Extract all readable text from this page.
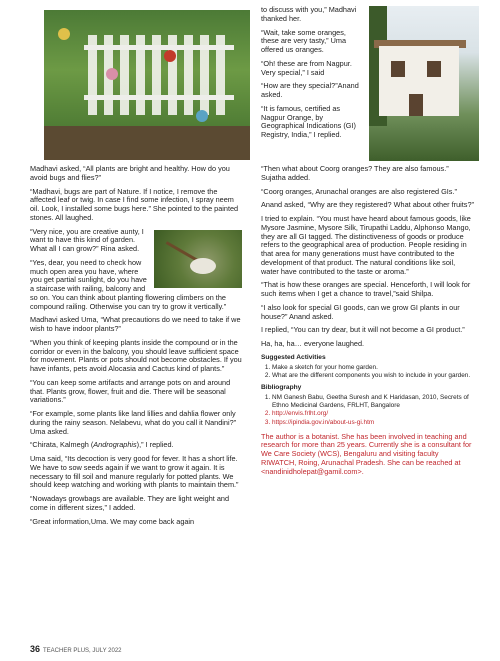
Madhavi asked, “All plants are bright and healthy. How do you avoid bugs and flies?”

“Madhavi, bugs are part of Nature. If I notice, I remove the affected leaf or twig. In case I find some infection, I spray neem oil. Look, I installed some bugs here.” She pointed to the painted stones. All laughed.

“Very nice, you are creative aunty, I want to have this kind of garden. What all I can grow?” Rina asked.

“Yes, dear, you need to check how much open area you have, where you get partial sunlight, do you have a staircase with railing, balcony and so on. You can think about planting flowering climbers on the compound railing. Otherwise you can try to grow it vertically.”

Madhavi asked Uma, “What precautions do we need to take if we wish to have indoor plants?”

“When you think of keeping plants inside the compound or in the corridor or even in the balcony, you should leave sufficient space for movement. Plants or pots should not become obstacles. If you have infants, pets avoid Alocasia and Cactus kind of plants.”

“You can keep some artifacts and arrange pots on and around that. Plants grow, flower, fruit and die. There will be seasonal variations.”

“For example, some plants like land lillies and dahlia flower only during the rainy season. Nelabevu, what do you call it Nandini?” Uma asked.

“Chirata, Kalmegh (Andrographis),” I replied.

Uma said, “Its decoction is very good for fever. It has a short life. We have to sow seeds again if we want to grow it again. It is necessary to fill soil and manure regularly for potted plants. We should keep watching and working with plants to maintain them.”

“Nowadays growbags are available. They are light weight and come in different sizes,” I added.

“Great information,Uma. We may come back again

to discuss with you,” Madhavi thanked her.

“Wait, take some oranges, these are very tasty,” Uma offered us oranges.

“Oh! these are from Nagpur. Very special,” I said

“How are they special?”Anand asked.

“It is famous, certified as Nagpur Orange, by Geographical Indications (GI) Registry, India,” I replied.

“Then what about Coorg oranges? They are also famous.” Sujatha added.

“Coorg oranges, Arunachal oranges are also registered GIs.”

Anand asked, “Why are they registered? What about other fruits?”

I tried to explain. “You must have heard about famous goods, like Mysore Jasmine, Mysore Silk, Tirupathi Laddu, Alphonso Mango, they are all GI tagged. The distinctiveness of goods or produce refers to the geographical area of production. People residing in that area for many generations must have contributed to the development of that product. The natural conditions like soil, water have contributed to the taste or aroma.”

“That is how these oranges are special. Henceforth, I will look for such items when I get a chance to travel,”said Shilpa.

“I also look for special GI goods, can we grow GI plants in our house?” Anand asked.

I replied, “You can try dear, but it will not become a GI product.”

Ha, ha, ha… everyone laughed.

Suggested Activities
1. Make a sketch for your home garden.
2. What are the different components you wish to include in your garden.
Bibliography
1. NM Ganesh Babu, Geetha Suresh and K Haridasan, 2010, Secrets of Ethno Medicinal Gardens, FRLHT, Bangalore
2. http://envis.frlht.org/
3. https://ipindia.gov.in/about-us-gi.htm

The author is a botanist. She has been involved in teaching and research for more than 25 years. Currently she is a consultant for We Care Society (WCS), Bengaluru and visiting faculty RIWATCH, Roing, Arunachal Pradesh. She can be reached at <nandinidholepat@gamil.com>.

36 TEACHER PLUS, JULY 2022
